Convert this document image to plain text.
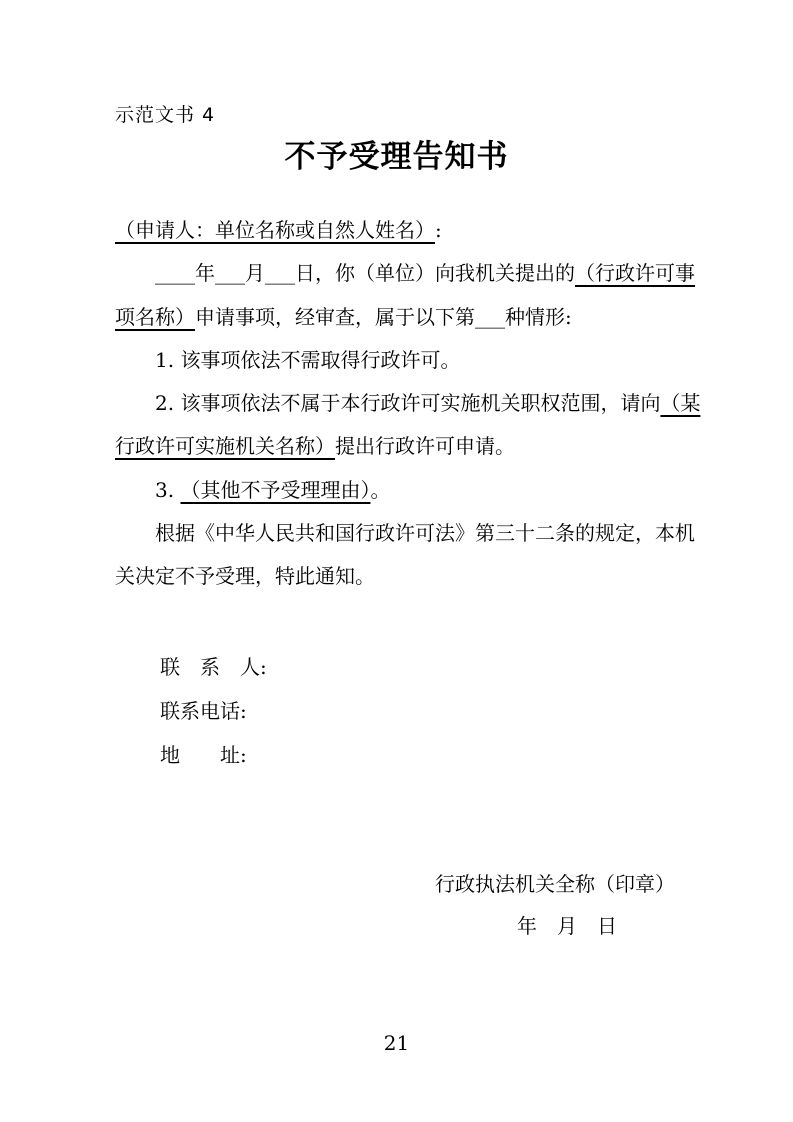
示范文书 4
不予受理告知书
（申请人：单位名称或自然人姓名）:
____年___月___日，你（单位）向我机关提出的（行政许可事
项名称）申请事项，经审查，属于以下第___种情形:
1. 该事项依法不需取得行政许可。
2. 该事项依法不属于本行政许可实施机关职权范围，请向（某
行政许可实施机关名称）提出行政许可申请。
3. （其他不予受理理由）。
根据《中华人民共和国行政许可法》第三十二条的规定，本机
关决定不予受理，特此通知。
联　系　人:
联系电话:
地　　址:
行政执法机关全称（印章）
年　月　日
21
